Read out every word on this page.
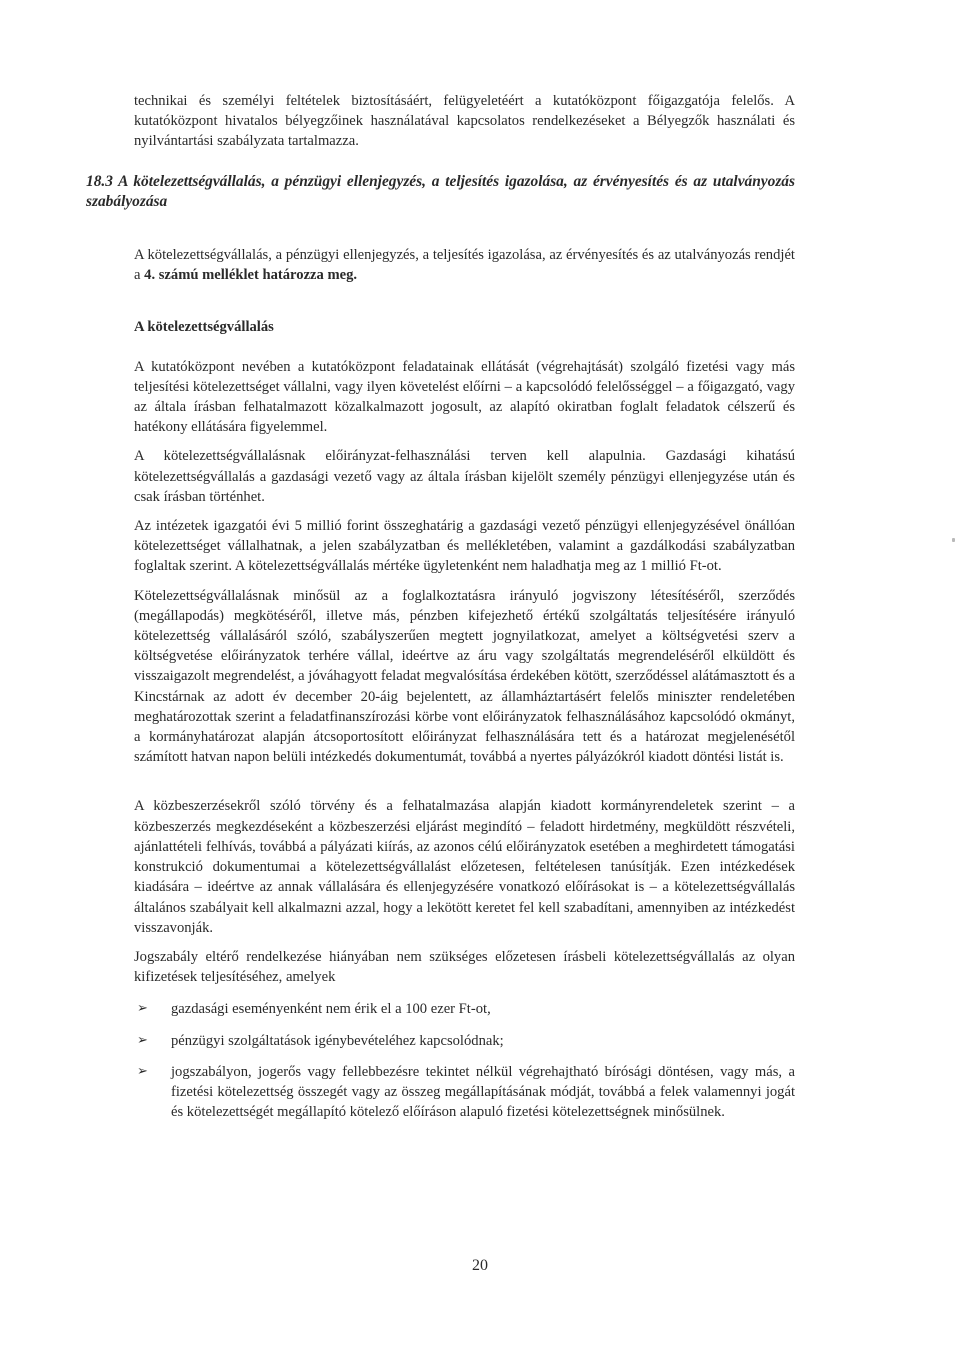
technikai és személyi feltételek biztosításáért, felügyeletéért a kutatóközpont főigazgatója felelős. A kutatóközpont hivatalos bélyegzőinek használatával kapcsolatos rendelkezéseket a Bélyegzők használati és nyilvántartási szabályzata tartalmazza.

18.3 A kötelezettségvállalás, a pénzügyi ellenjegyzés, a teljesítés igazolása, az érvényesítés és az utalványozás szabályozása

A kötelezettségvállalás, a pénzügyi ellenjegyzés, a teljesítés igazolása, az érvényesítés és az utalványozás rendjét a 4. számú melléklet határozza meg.

A kötelezettségvállalás

A kutatóközpont nevében a kutatóközpont feladatainak ellátását (végrehajtását) szolgáló fizetési vagy más teljesítési kötelezettséget vállalni, vagy ilyen követelést előírni – a kapcsolódó felelősséggel – a főigazgató, vagy az általa írásban felhatalmazott közalkalmazott jogosult, az alapító okiratban foglalt feladatok célszerű és hatékony ellátására figyelemmel.

A kötelezettségvállalásnak előirányzat-felhasználási terven kell alapulnia. Gazdasági kihatású kötelezettségvállalás a gazdasági vezető vagy az általa írásban kijelölt személy pénzügyi ellenjegyzése után és csak írásban történhet.

Az intézetek igazgatói évi 5 millió forint összeghatárig a gazdasági vezető pénzügyi ellenjegyzésével önállóan kötelezettséget vállalhatnak, a jelen szabályzatban és mellékletében, valamint a gazdálkodási szabályzatban foglaltak szerint. A kötelezettségvállalás mértéke ügyletenként nem haladhatja meg az 1 millió Ft-ot.

Kötelezettségvállalásnak minősül az a foglalkoztatásra irányuló jogviszony létesítéséről, szerződés (megállapodás) megkötéséről, illetve más, pénzben kifejezhető értékű szolgáltatás teljesítésére irányuló kötelezettség vállalásáról szóló, szabályszerűen megtett jognyilatkozat, amelyet a költségvetési szerv a költségvetése előirányzatok terhére vállal, ideértve az áru vagy szolgáltatás megrendeléséről elküldött és visszaigazolt megrendelést, a jóváhagyott feladat megvalósítása érdekében kötött, szerződéssel alátámasztott és a Kincstárnak az adott év december 20-áig bejelentett, az államháztartásért felelős miniszter rendeletében meghatározottak szerint a feladatfinanszírozási körbe vont előirányzatok felhasználásához kapcsolódó okmányt, a kormányhatározat alapján átcsoportosított előirányzat felhasználására tett és a határozat megjelenésétől számított hatvan napon belüli intézkedés dokumentumát, továbbá a nyertes pályázókról kiadott döntési listát is.

A közbeszerzésekről szóló törvény és a felhatalmazása alapján kiadott kormányrendeletek szerint – a közbeszerzés megkezdéseként a közbeszerzési eljárást megindító – feladott hirdetmény, megküldött részvételi, ajánlattételi felhívás, továbbá a pályázati kiírás, az azonos célú előirányzatok esetében a meghirdetett támogatási konstrukció dokumentumai a kötelezettségvállalást előzetesen, feltételesen tanúsítják. Ezen intézkedések kiadására – ideértve az annak vállalására és ellenjegyzésére vonatkozó előírásokat is – a kötelezettségvállalás általános szabályait kell alkalmazni azzal, hogy a lekötött keretet fel kell szabadítani, amennyiben az intézkedést visszavonják.

Jogszabály eltérő rendelkezése hiányában nem szükséges előzetesen írásbeli kötelezettségvállalás az olyan kifizetések teljesítéséhez, amelyek

➢ gazdasági eseményenként nem érik el a 100 ezer Ft-ot,
➢ pénzügyi szolgáltatások igénybevételéhez kapcsolódnak;
➢ jogszabályon, jogerős vagy fellebbezésre tekintet nélkül végrehajtható bírósági döntésen, vagy más, a fizetési kötelezettség összegét vagy az összeg megállapításának módját, továbbá a felek valamennyi jogát és kötelezettségét megállapító kötelező előíráson alapuló fizetési kötelezettségnek minősülnek.
20
